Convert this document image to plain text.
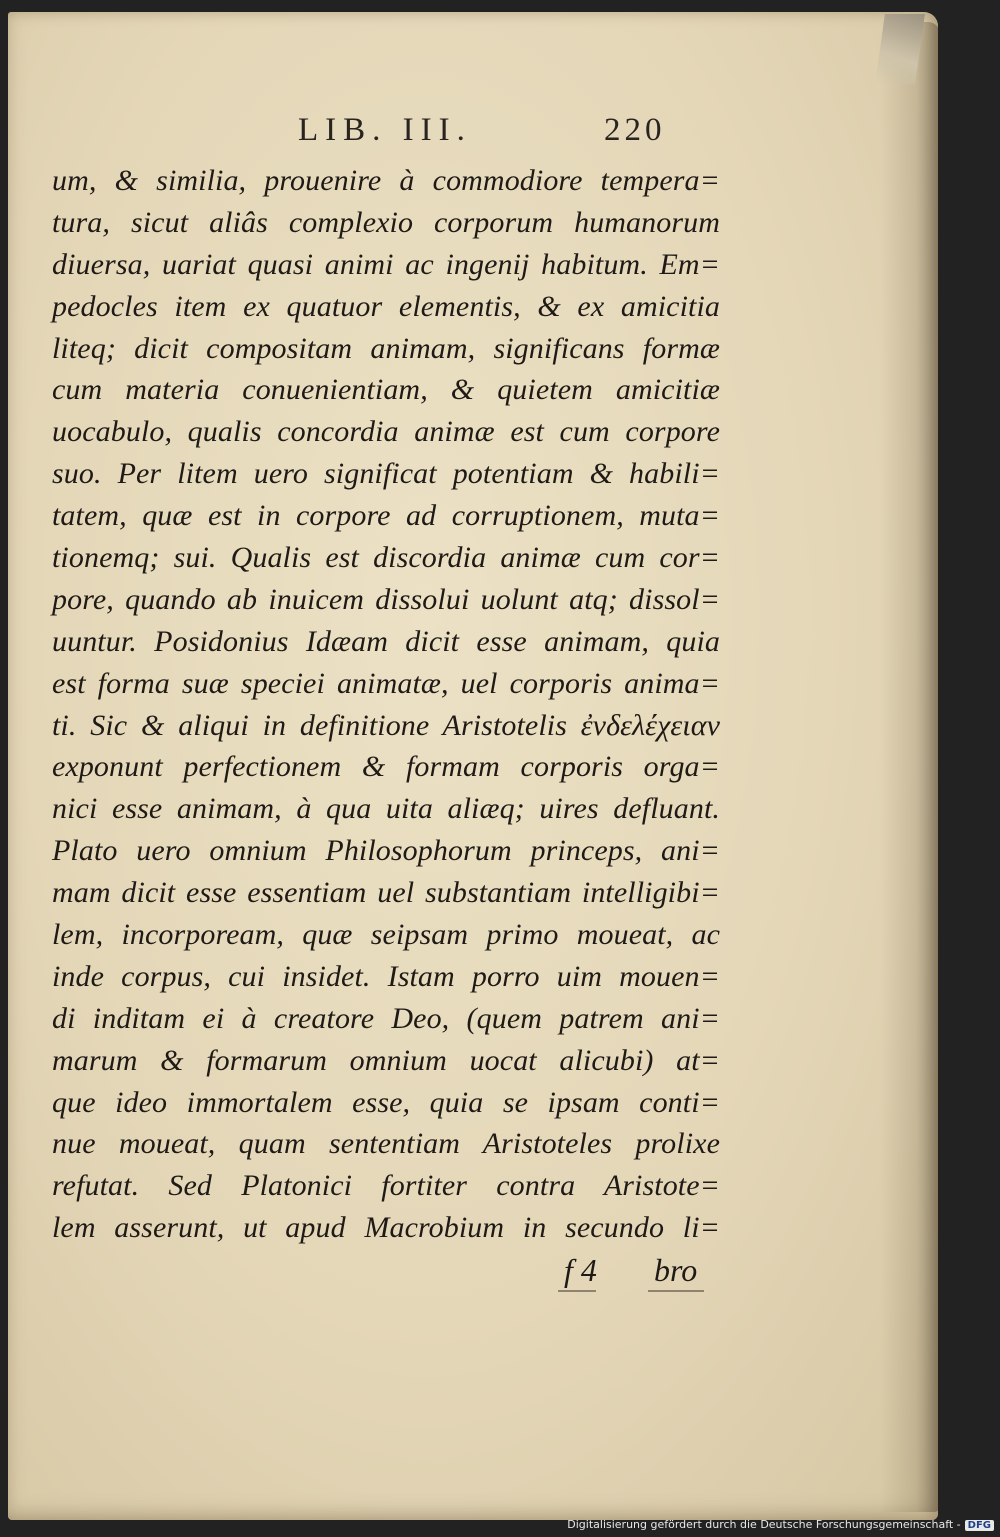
LIB. III.	220
um, & similia, prouenire à commodiore tempera=
tura, sicut aliâs complexio corporum humanorum
diuersa, uariat quasi animi ac ingenij habitum. Em=
pedocles item ex quatuor elementis, & ex amicitia
liteq; dicit compositam animam, significans formæ
cum materia conuenientiam, & quietem amicitiæ
uocabulo, qualis concordia animæ est cum corpore
suo. Per litem uero significat potentiam & habili=
tatem, quæ est in corpore ad corruptionem, muta=
tionemq; sui. Qualis est discordia animæ cum cor=
pore, quando ab inuicem dissolui uolunt atq; dissol=
uuntur. Posidonius Idæam dicit esse animam, quia
est forma suæ speciei animatæ, uel corporis anima=
ti. Sic & aliqui in definitione Aristotelis ἐνδελέχειαν
exponunt perfectionem & formam corporis orga=
nici esse animam, à qua uita aliæq; uires defluant.
Plato uero omnium Philosophorum princeps, ani=
mam dicit esse essentiam uel substantiam intelligibi=
lem, incorpoream, quæ seipsam primo moueat, ac
inde corpus, cui insidet. Istam porro uim mouen=
di inditam ei à creatore Deo, (quem patrem ani=
marum & formarum omnium uocat alicubi) at=
que ideo immortalem esse, quia se ipsam conti=
nue moueat, quam sententiam Aristoteles prolixe
refutat. Sed Platonici fortiter contra Aristote=
lem asserunt, ut apud Macrobium in secundo li=
f 4 bro
Digitalisierung gefördert durch die Deutsche Forschungsgemeinschaft - DFG
